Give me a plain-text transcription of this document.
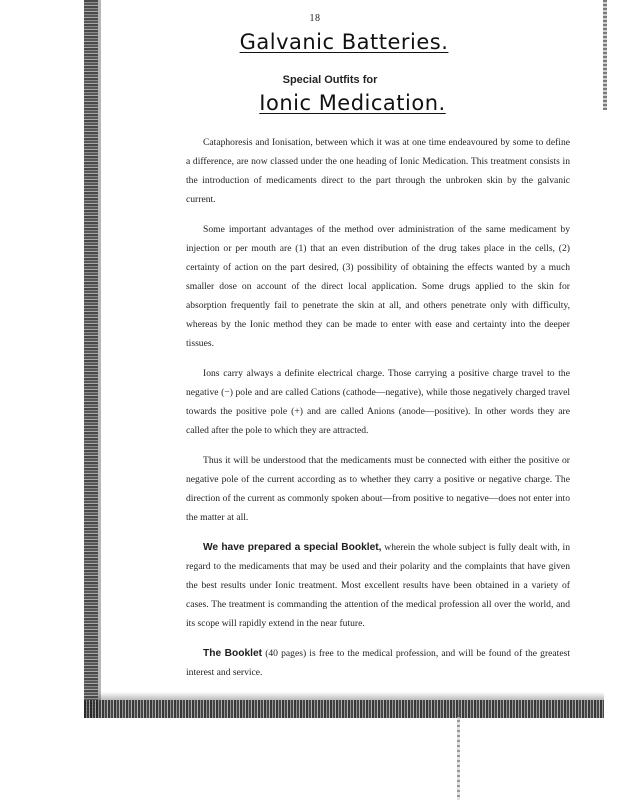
18
Galvanic Batteries.
Special Outfits for
Ionic Medication.

Cataphoresis and Ionisation, between which it was at one time endeavoured by some to define a difference, are now classed under the one heading of Ionic Medication. This treatment consists in the introduction of medicaments direct to the part through the unbroken skin by the galvanic current.

Some important advantages of the method over administration of the same medicament by injection or per mouth are (1) that an even distribution of the drug takes place in the cells, (2) certainty of action on the part desired, (3) possibility of obtaining the effects wanted by a much smaller dose on account of the direct local application. Some drugs applied to the skin for absorption frequently fail to penetrate the skin at all, and others penetrate only with difficulty, whereas by the Ionic method they can be made to enter with ease and certainty into the deeper tissues.

Ions carry always a definite electrical charge. Those carrying a positive charge travel to the negative (−) pole and are called Cations (cathode—negative), while those negatively charged travel towards the positive pole (+) and are called Anions (anode—positive). In other words they are called after the pole to which they are attracted.

Thus it will be understood that the medicaments must be connected with either the positive or negative pole of the current according as to whether they carry a positive or negative charge. The direction of the current as commonly spoken about—from positive to negative—does not enter into the matter at all.

We have prepared a special Booklet, wherein the whole subject is fully dealt with, in regard to the medicaments that may be used and their polarity and the complaints that have given the best results under Ionic treatment. Most excellent results have been obtained in a variety of cases. The treatment is commanding the attention of the medical profession all over the world, and its scope will rapidly extend in the near future.

The Booklet (40 pages) is free to the medical profession, and will be found of the greatest interest and service.
